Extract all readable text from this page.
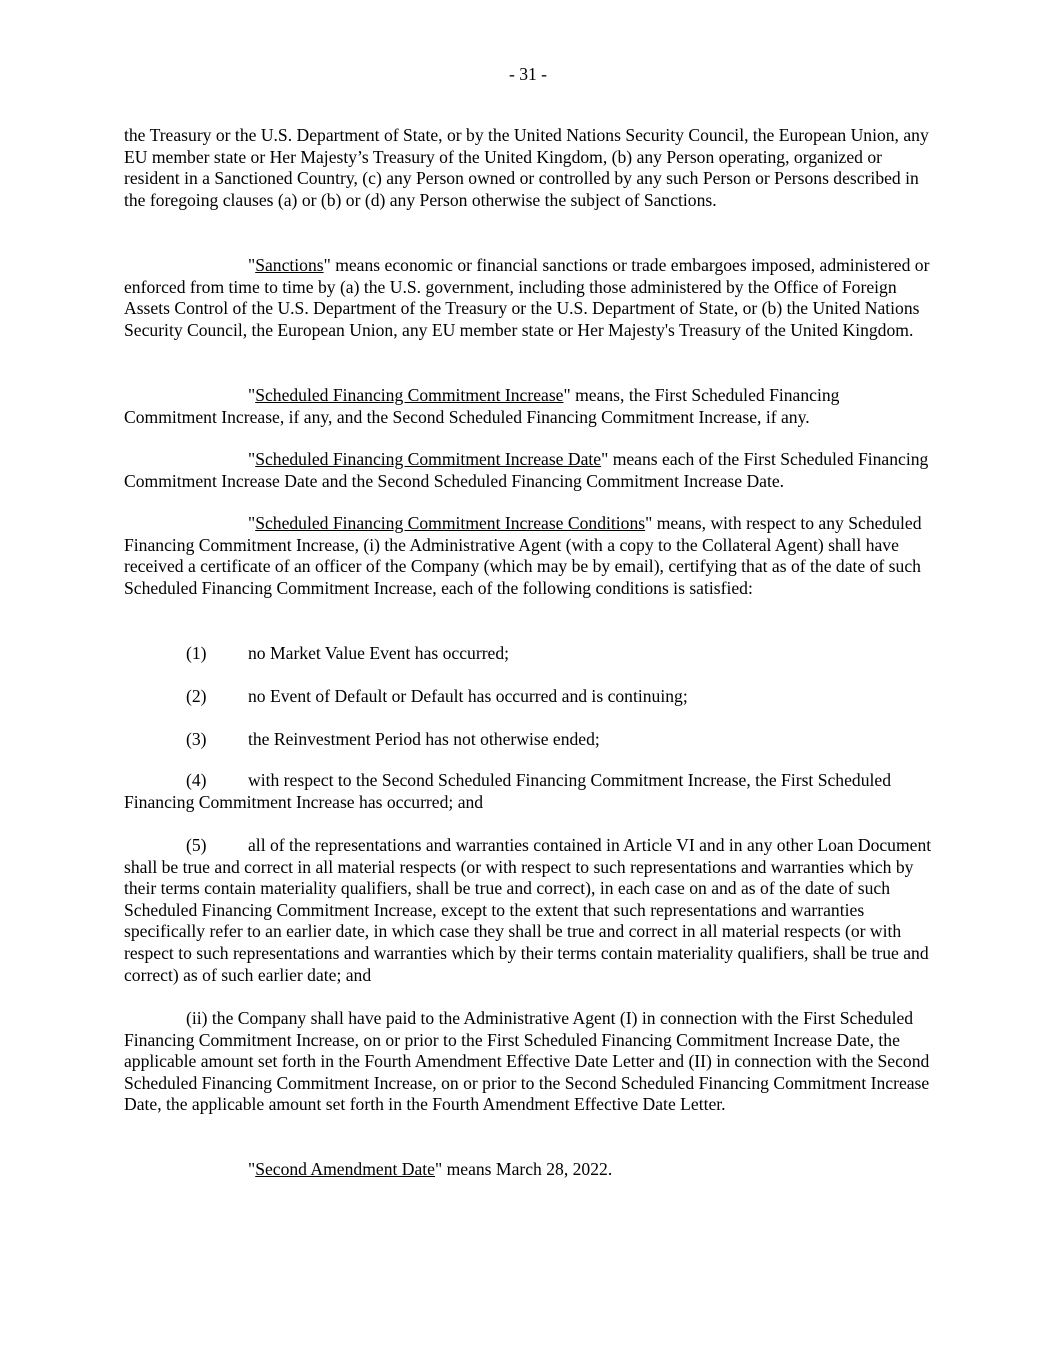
- 31 -

the Treasury or the U.S. Department of State, or by the United Nations Security Council, the European Union, any EU member state or Her Majesty’s Treasury of the United Kingdom, (b) any Person operating, organized or resident in a Sanctioned Country, (c) any Person owned or controlled by any such Person or Persons described in the foregoing clauses (a) or (b) or (d) any Person otherwise the subject of Sanctions.

"Sanctions" means economic or financial sanctions or trade embargoes imposed, administered or enforced from time to time by (a) the U.S. government, including those administered by the Office of Foreign Assets Control of the U.S. Department of the Treasury or the U.S. Department of State, or (b) the United Nations Security Council, the European Union, any EU member state or Her Majesty's Treasury of the United Kingdom.

"Scheduled Financing Commitment Increase" means, the First Scheduled Financing Commitment Increase, if any, and the Second Scheduled Financing Commitment Increase, if any.

"Scheduled Financing Commitment Increase Date" means each of the First Scheduled Financing Commitment Increase Date and the Second Scheduled Financing Commitment Increase Date.

"Scheduled Financing Commitment Increase Conditions" means, with respect to any Scheduled Financing Commitment Increase, (i) the Administrative Agent (with a copy to the Collateral Agent) shall have received a certificate of an officer of the Company (which may be by email), certifying that as of the date of such Scheduled Financing Commitment Increase, each of the following conditions is satisfied:

(1) no Market Value Event has occurred;

(2) no Event of Default or Default has occurred and is continuing;

(3) the Reinvestment Period has not otherwise ended;

(4) with respect to the Second Scheduled Financing Commitment Increase, the First Scheduled Financing Commitment Increase has occurred; and

(5) all of the representations and warranties contained in Article VI and in any other Loan Document shall be true and correct in all material respects (or with respect to such representations and warranties which by their terms contain materiality qualifiers, shall be true and correct), in each case on and as of the date of such Scheduled Financing Commitment Increase, except to the extent that such representations and warranties specifically refer to an earlier date, in which case they shall be true and correct in all material respects (or with respect to such representations and warranties which by their terms contain materiality qualifiers, shall be true and correct) as of such earlier date; and

(ii) the Company shall have paid to the Administrative Agent (I) in connection with the First Scheduled Financing Commitment Increase, on or prior to the First Scheduled Financing Commitment Increase Date, the applicable amount set forth in the Fourth Amendment Effective Date Letter and (II) in connection with the Second Scheduled Financing Commitment Increase, on or prior to the Second Scheduled Financing Commitment Increase Date, the applicable amount set forth in the Fourth Amendment Effective Date Letter.

"Second Amendment Date" means March 28, 2022.
